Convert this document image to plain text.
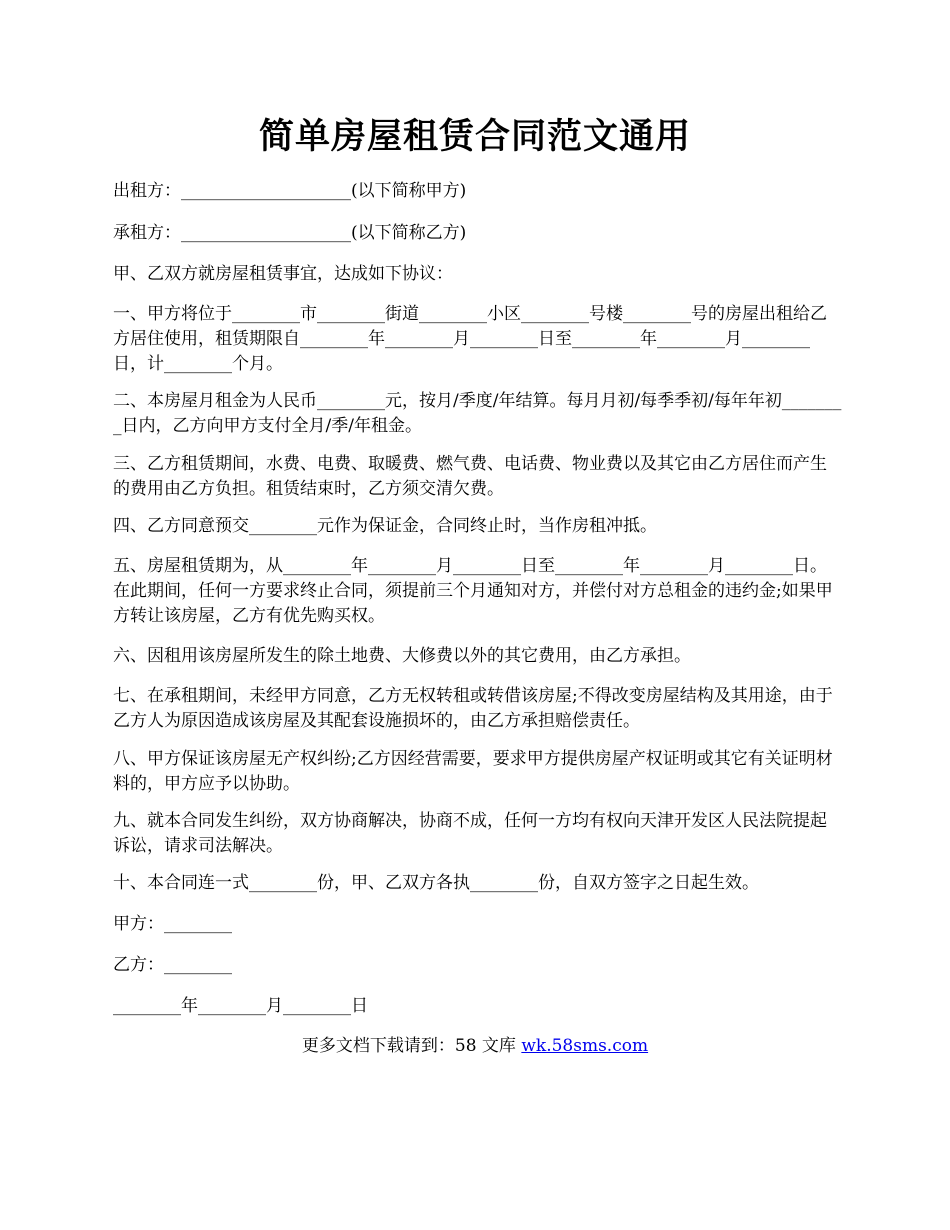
简单房屋租赁合同范文通用
出租方：____________________(以下简称甲方)
承租方：____________________(以下简称乙方)
甲、乙双方就房屋租赁事宜，达成如下协议：
一、甲方将位于________市________街道________小区________号楼________号的房屋出租给乙方居住使用，租赁期限自________年________月________日至________年________月________日，计________个月。
二、本房屋月租金为人民币________元，按月/季度/年结算。每月月初/每季季初/每年年初________日内，乙方向甲方支付全月/季/年租金。
三、乙方租赁期间，水费、电费、取暖费、燃气费、电话费、物业费以及其它由乙方居住而产生的费用由乙方负担。租赁结束时，乙方须交清欠费。
四、乙方同意预交________元作为保证金，合同终止时，当作房租冲抵。
五、房屋租赁期为，从________年________月________日至________年________月________日。在此期间，任何一方要求终止合同，须提前三个月通知对方，并偿付对方总租金的违约金;如果甲方转让该房屋，乙方有优先购买权。
六、因租用该房屋所发生的除土地费、大修费以外的其它费用，由乙方承担。
七、在承租期间，未经甲方同意，乙方无权转租或转借该房屋;不得改变房屋结构及其用途，由于乙方人为原因造成该房屋及其配套设施损坏的，由乙方承担赔偿责任。
八、甲方保证该房屋无产权纠纷;乙方因经营需要，要求甲方提供房屋产权证明或其它有关证明材料的，甲方应予以协助。
九、就本合同发生纠纷，双方协商解决，协商不成，任何一方均有权向天津开发区人民法院提起诉讼，请求司法解决。
十、本合同连一式________份，甲、乙双方各执________份，自双方签字之日起生效。
甲方：________
乙方：________
________年________月________日
更多文档下载请到：58 文库 wk.58sms.com
